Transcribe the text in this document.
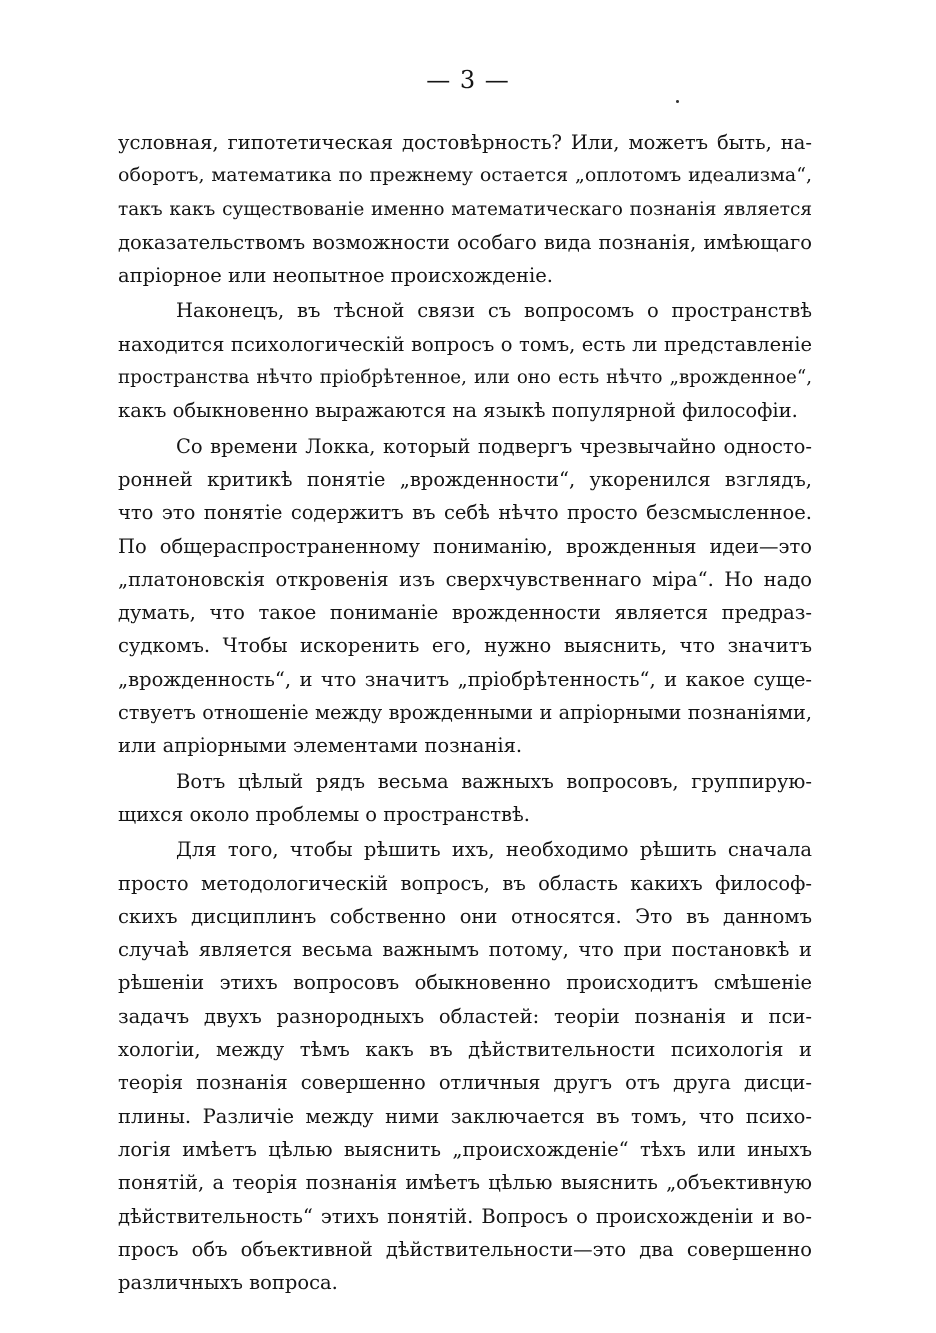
— 3 —
условная, гипотетическая достовѣрность? Или, можетъ быть, на-
оборотъ, математика по прежнему остается „оплотомъ идеализма“,
такъ какъ существованіе именно математическаго познанія является
доказательствомъ возможности особаго вида познанія, имѣющаго
апріорное или неопытное происхожденіе.
Наконецъ, въ тѣсной связи съ вопросомъ о пространствѣ
находится психологическій вопросъ о томъ, есть ли представленіе
пространства нѣчто пріобрѣтенное, или оно есть нѣчто „врожденное“,
какъ обыкновенно выражаются на языкѣ популярной философіи.
Со времени Локка, который подвергъ чрезвычайно односто-
ронней критикѣ понятіе „врожденности“, укоренился взглядъ,
что это понятіе содержитъ въ себѣ нѣчто просто безсмысленное.
По общераспространенному пониманію, врожденныя идеи—это
„платоновскія откровенія изъ сверхчувственнаго міра“. Но надо
думать, что такое пониманіе врожденности является предраз-
судкомъ. Чтобы искоренить его, нужно выяснить, что значитъ
„врожденность“, и что значитъ „пріобрѣтенность“, и какое суще-
ствуетъ отношеніе между врожденными и апріорными познаніями,
или апріорными элементами познанія.
Вотъ цѣлый рядъ весьма важныхъ вопросовъ, группирую-
щихся около проблемы о пространствѣ.
Для того, чтобы рѣшить ихъ, необходимо рѣшить сначала
просто методологическій вопросъ, въ область какихъ философ-
скихъ дисциплинъ собственно они относятся. Это въ данномъ
случаѣ является весьма важнымъ потому, что при постановкѣ и
рѣшеніи этихъ вопросовъ обыкновенно происходитъ смѣшеніе
задачъ двухъ разнородныхъ областей: теоріи познанія и пси-
хологіи, между тѣмъ какъ въ дѣйствительности психологія и
теорія познанія совершенно отличныя другъ отъ друга дисци-
плины. Различіе между ними заключается въ томъ, что психо-
логія имѣетъ цѣлью выяснить „происхожденіе“ тѣхъ или иныхъ
понятій, а теорія познанія имѣетъ цѣлью выяснить „объективную
дѣйствительность“ этихъ понятій. Вопросъ о происхожденіи и во-
просъ объ объективной дѣйствительности—это два совершенно
различныхъ вопроса.
